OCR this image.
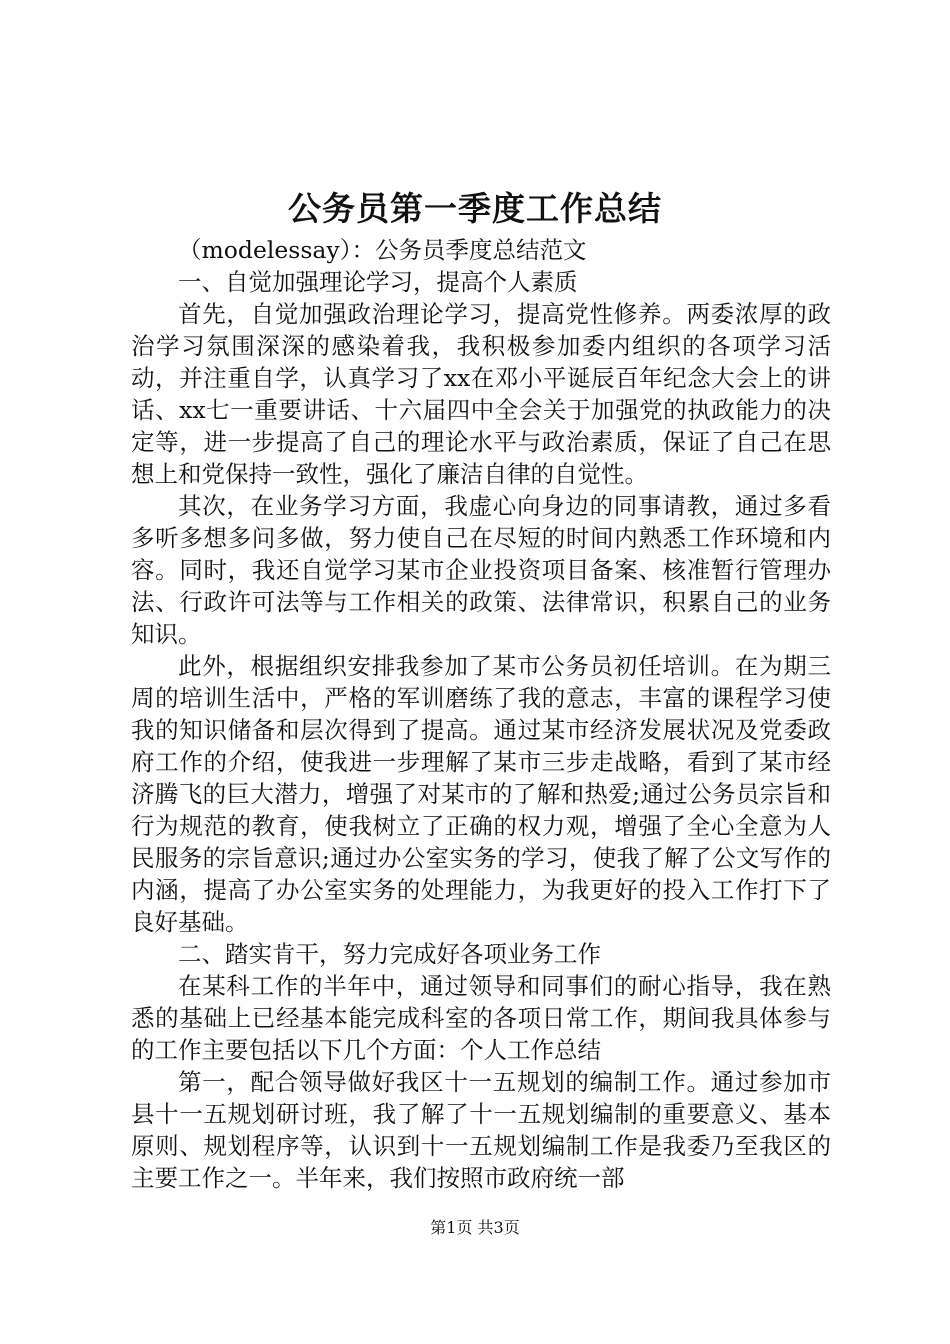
公务员第一季度工作总结

（modelessay）：公务员季度总结范文

一、自觉加强理论学习，提高个人素质

首先，自觉加强政治理论学习，提高党性修养。两委浓厚的政治学习氛围深深的感染着我，我积极参加委内组织的各项学习活动，并注重自学，认真学习了xx在邓小平诞辰百年纪念大会上的讲话、xx七一重要讲话、十六届四中全会关于加强党的执政能力的决定等，进一步提高了自己的理论水平与政治素质，保证了自己在思想上和党保持一致性，强化了廉洁自律的自觉性。

其次，在业务学习方面，我虚心向身边的同事请教，通过多看多听多想多问多做，努力使自己在尽短的时间内熟悉工作环境和内容。同时，我还自觉学习某市企业投资项目备案、核准暂行管理办法、行政许可法等与工作相关的政策、法律常识，积累自己的业务知识。

此外，根据组织安排我参加了某市公务员初任培训。在为期三周的培训生活中，严格的军训磨练了我的意志，丰富的课程学习使我的知识储备和层次得到了提高。通过某市经济发展状况及党委政府工作的介绍，使我进一步理解了某市三步走战略，看到了某市经济腾飞的巨大潜力，增强了对某市的了解和热爱;通过公务员宗旨和行为规范的教育，使我树立了正确的权力观，增强了全心全意为人民服务的宗旨意识;通过办公室实务的学习，使我了解了公文写作的内涵，提高了办公室实务的处理能力，为我更好的投入工作打下了良好基础。

二、踏实肯干，努力完成好各项业务工作

在某科工作的半年中，通过领导和同事们的耐心指导，我在熟悉的基础上已经基本能完成科室的各项日常工作，期间我具体参与的工作主要包括以下几个方面：个人工作总结

第一，配合领导做好我区十一五规划的编制工作。通过参加市县十一五规划研讨班，我了解了十一五规划编制的重要意义、基本原则、规划程序等，认识到十一五规划编制工作是我委乃至我区的主要工作之一。半年来，我们按照市政府统一部

第1页 共3页
